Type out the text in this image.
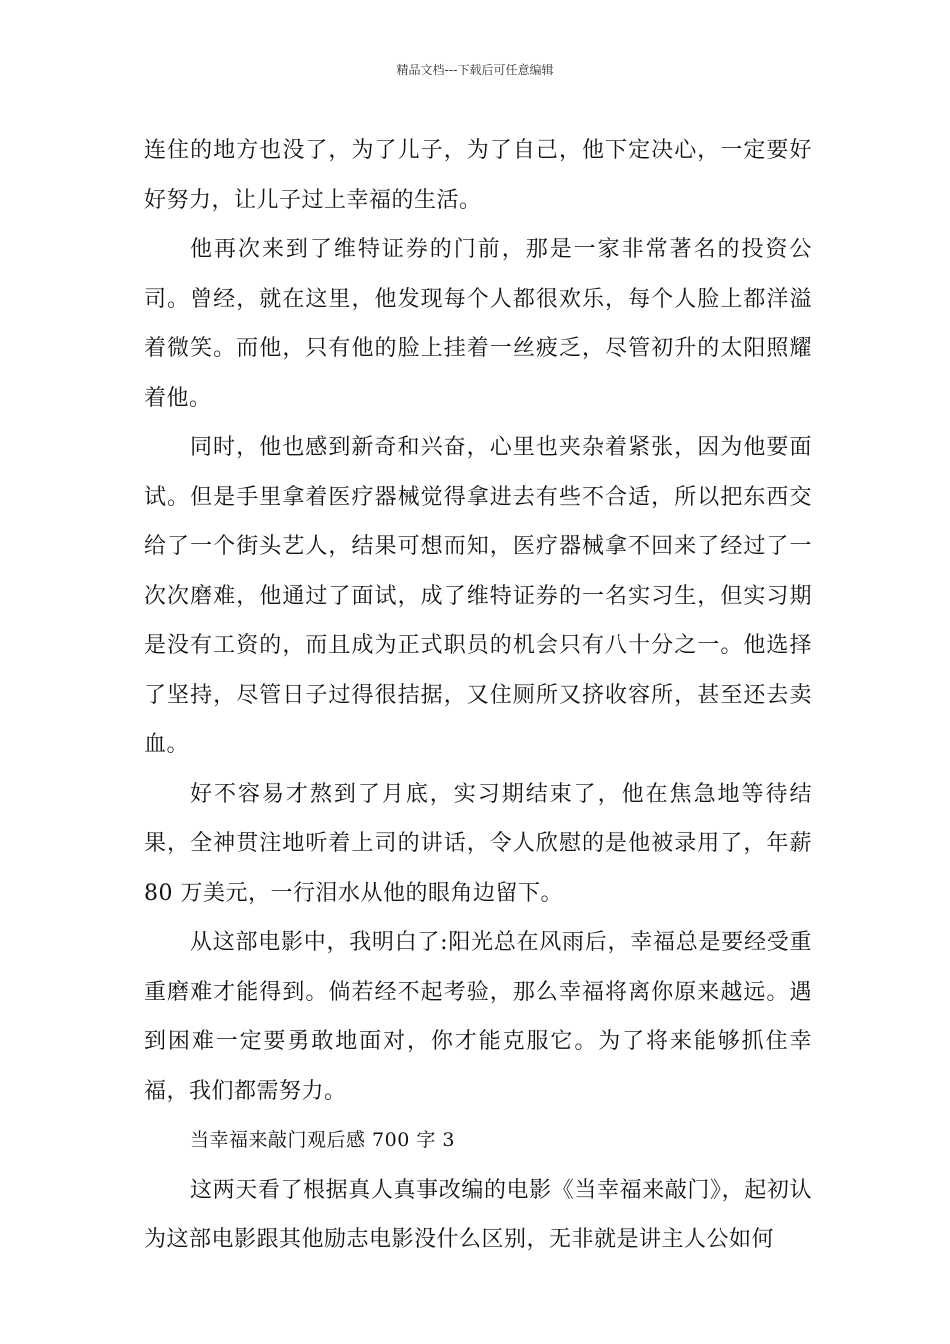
精品文档---下载后可任意编辑

连住的地方也没了，为了儿子，为了自己，他下定决心，一定要好好努力，让儿子过上幸福的生活。

他再次来到了维特证券的门前，那是一家非常著名的投资公司。曾经，就在这里，他发现每个人都很欢乐，每个人脸上都洋溢着微笑。而他，只有他的脸上挂着一丝疲乏，尽管初升的太阳照耀着他。

同时，他也感到新奇和兴奋，心里也夹杂着紧张，因为他要面试。但是手里拿着医疗器械觉得拿进去有些不合适，所以把东西交给了一个街头艺人，结果可想而知，医疗器械拿不回来了经过了一次次磨难，他通过了面试，成了维特证券的一名实习生，但实习期是没有工资的，而且成为正式职员的机会只有八十分之一。他选择了坚持，尽管日子过得很拮据，又住厕所又挤收容所，甚至还去卖血。

好不容易才熬到了月底，实习期结束了，他在焦急地等待结果，全神贯注地听着上司的讲话，令人欣慰的是他被录用了，年薪 80 万美元，一行泪水从他的眼角边留下。

从这部电影中，我明白了:阳光总在风雨后，幸福总是要经受重重磨难才能得到。倘若经不起考验，那么幸福将离你原来越远。遇到困难一定要勇敢地面对，你才能克服它。为了将来能够抓住幸福，我们都需努力。

当幸福来敲门观后感 700 字 3

这两天看了根据真人真事改编的电影《当幸福来敲门》，起初认为这部电影跟其他励志电影没什么区别，无非就是讲主人公如何
